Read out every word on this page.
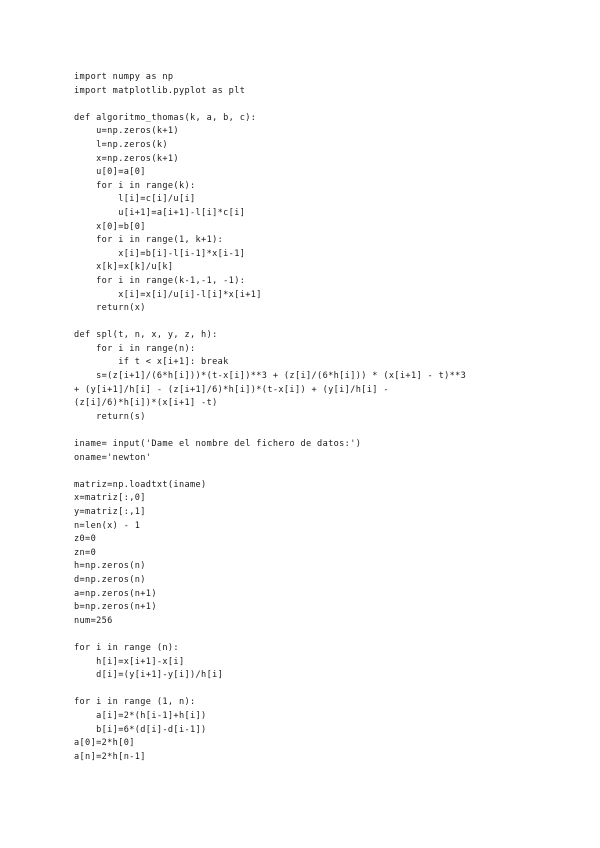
import numpy as np
import matplotlib.pyplot as plt
def algoritmo_thomas(k, a, b, c):
u=np.zeros(k+1)
l=np.zeros(k)
x=np.zeros(k+1)
u[0]=a[0]
for i in range(k):
l[i]=c[i]/u[i]
u[i+1]=a[i+1]-l[i]*c[i]
x[0]=b[0]
for i in range(1, k+1):
x[i]=b[i]-l[i-1]*x[i-1]
x[k]=x[k]/u[k]
for i in range(k-1,-1, -1):
x[i]=x[i]/u[i]-l[i]*x[i+1]
return(x)
def spl(t, n, x, y, z, h):
for i in range(n):
if t < x[i+1]: break
s=(z[i+1]/(6*h[i]))*(t-x[i])**3 + (z[i]/(6*h[i])) * (x[i+1] - t)**3
+ (y[i+1]/h[i] - (z[i+1]/6)*h[i])*(t-x[i]) + (y[i]/h[i] -
(z[i]/6)*h[i])*(x[i+1] -t)
return(s)
iname= input('Dame el nombre del fichero de datos:')
oname='newton'
matriz=np.loadtxt(iname)
x=matriz[:,0]
y=matriz[:,1]
n=len(x) - 1
z0=0
zn=0
h=np.zeros(n)
d=np.zeros(n)
a=np.zeros(n+1)
b=np.zeros(n+1)
num=256
for i in range (n):
h[i]=x[i+1]-x[i]
d[i]=(y[i+1]-y[i])/h[i]
for i in range (1, n):
a[i]=2*(h[i-1]+h[i])
b[i]=6*(d[i]-d[i-1])
a[0]=2*h[0]
a[n]=2*h[n-1]
